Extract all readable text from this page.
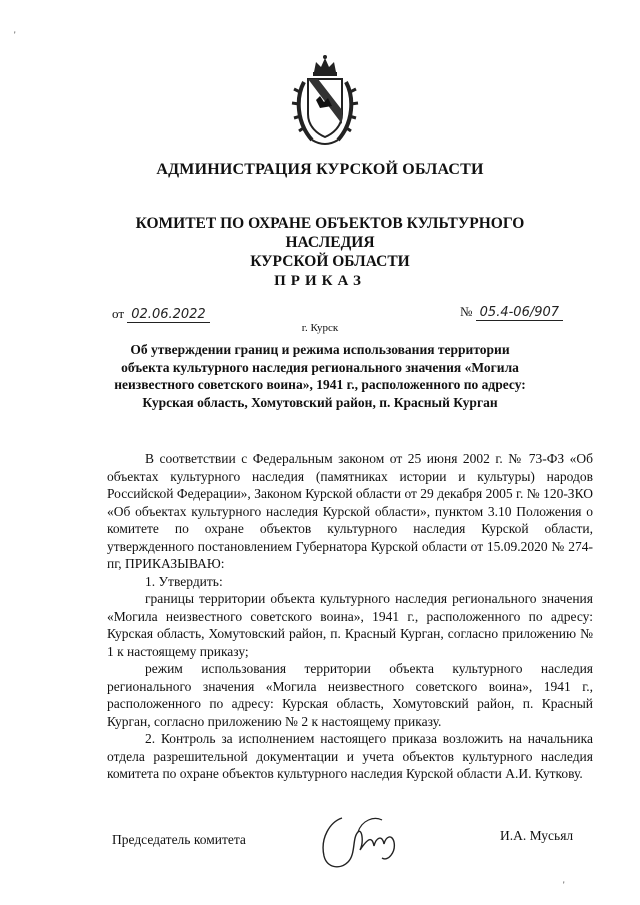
'
АДМИНИСТРАЦИЯ КУРСКОЙ ОБЛАСТИ
КОМИТЕТ ПО ОХРАНЕ ОБЪЕКТОВ КУЛЬТУРНОГО НАСЛЕДИЯ
КУРСКОЙ ОБЛАСТИ
ПРИКАЗ
от 02.06.2022	№ 05.4-06/907
г. Курск
Об утверждении границ и режима использования территории
объекта культурного наследия регионального значения «Могила
неизвестного советского воина», 1941 г., расположенного по адресу:
Курская область, Хомутовский район, п. Красный Курган

В соответствии с Федеральным законом от 25 июня 2002 г. № 73-ФЗ «Об объектах культурного наследия (памятниках истории и культуры) народов Российской Федерации», Законом Курской области от 29 декабря 2005 г. № 120-ЗКО «Об объектах культурного наследия Курской области», пунктом 3.10 Положения о комитете по охране объектов культурного наследия Курской области, утвержденного постановлением Губернатора Курской области от 15.09.2020 № 274-пг, ПРИКАЗЫВАЮ:

1. Утвердить:

границы территории объекта культурного наследия регионального значения «Могила неизвестного советского воина», 1941 г., расположенного по адресу: Курская область, Хомутовский район, п. Красный Курган, согласно приложению № 1 к настоящему приказу;

режим использования территории объекта культурного наследия регионального значения «Могила неизвестного советского воина», 1941 г., расположенного по адресу: Курская область, Хомутовский район, п. Красный Курган, согласно приложению № 2 к настоящему приказу.

2. Контроль за исполнением настоящего приказа возложить на начальника отдела разрешительной документации и учета объектов культурного наследия комитета по охране объектов культурного наследия Курской области А.И. Куткову.

Председатель комитета	И.А. Мусьял
'
